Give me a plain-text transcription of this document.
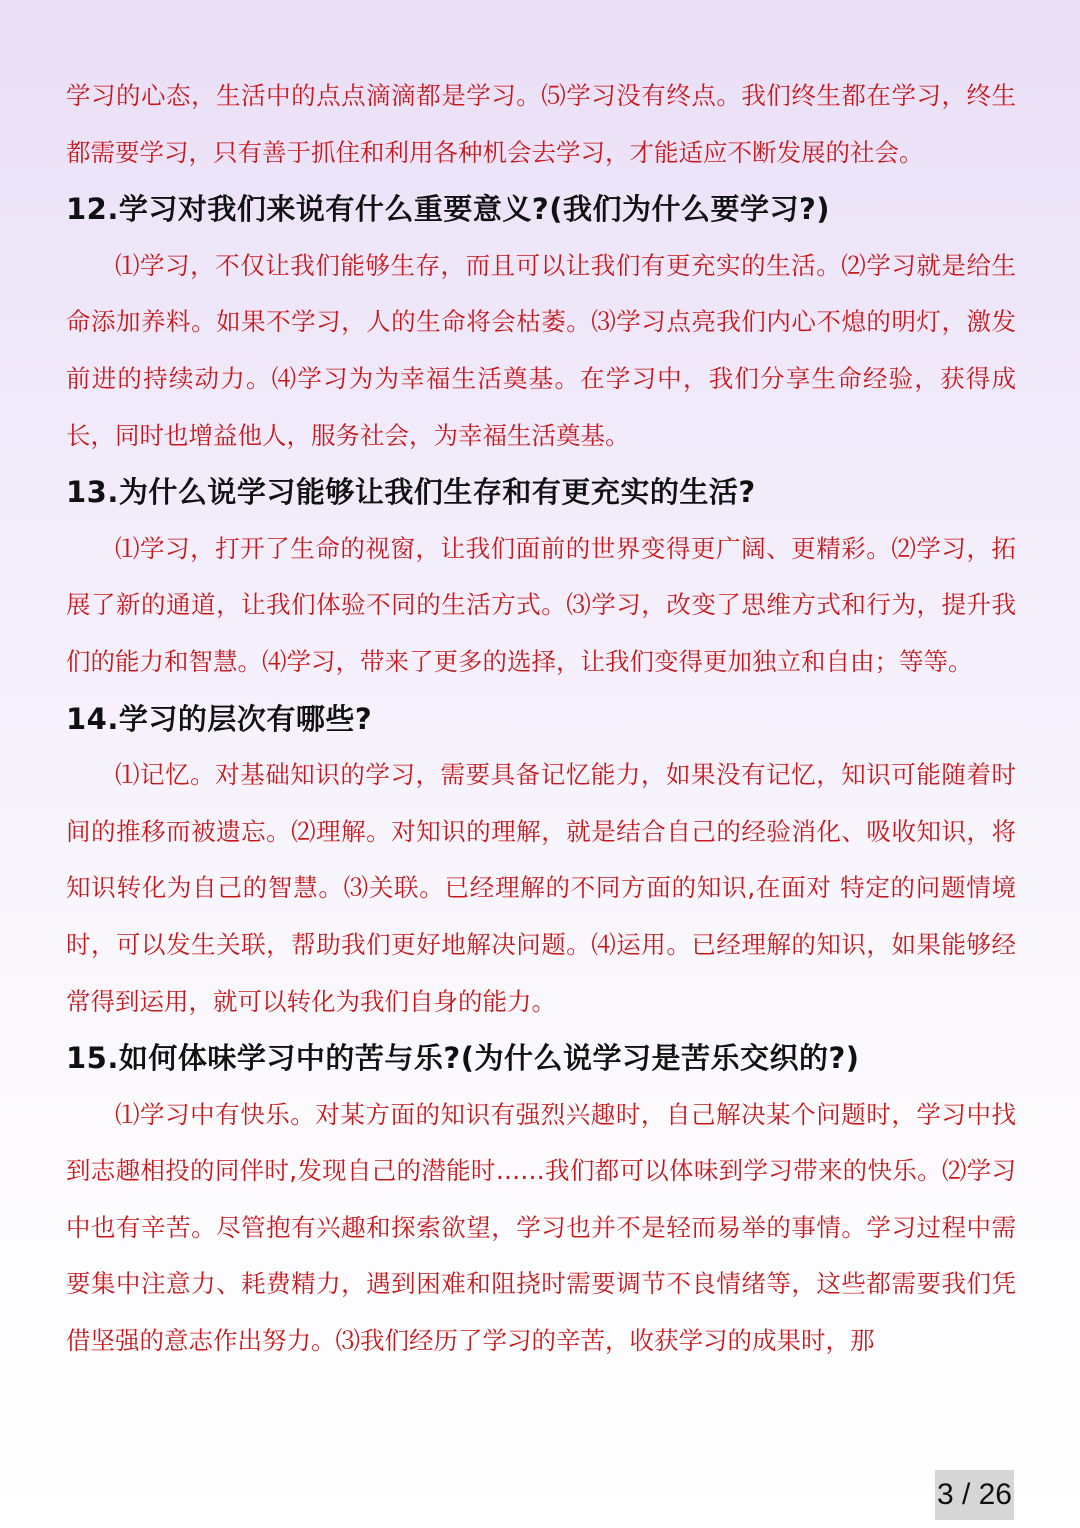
学习的心态，生活中的点点滴滴都是学习。⑸学习没有终点。我们终生都在学习，终生都需要学习，只有善于抓住和利用各种机会去学习，才能适应不断发展的社会。

12.学习对我们来说有什么重要意义?(我们为什么要学习?)

⑴学习，不仅让我们能够生存，而且可以让我们有更充实的生活。⑵学习就是给生命添加养料。如果不学习，人的生命将会枯萎。⑶学习点亮我们内心不熄的明灯，激发前进的持续动力。⑷学习为为幸福生活奠基。在学习中，我们分享生命经验，获得成长，同时也增益他人，服务社会，为幸福生活奠基。

13.为什么说学习能够让我们生存和有更充实的生活?

⑴学习，打开了生命的视窗，让我们面前的世界变得更广阔、更精彩。⑵学习，拓展了新的通道，让我们体验不同的生活方式。⑶学习，改变了思维方式和行为，提升我们的能力和智慧。⑷学习，带来了更多的选择，让我们变得更加独立和自由；等等。

14.学习的层次有哪些?

⑴记忆。对基础知识的学习，需要具备记忆能力，如果没有记忆，知识可能随着时间的推移而被遗忘。⑵理解。对知识的理解，就是结合自己的经验消化、吸收知识，将知识转化为自己的智慧。⑶关联。已经理解的不同方面的知识,在面对 特定的问题情境时，可以发生关联，帮助我们更好地解决问题。⑷运用。已经理解的知识，如果能够经常得到运用，就可以转化为我们自身的能力。

15.如何体味学习中的苦与乐?(为什么说学习是苦乐交织的?)

⑴学习中有快乐。对某方面的知识有强烈兴趣时，自己解决某个问题时，学习中找到志趣相投的同伴时,发现自己的潜能时……我们都可以体味到学习带来的快乐。⑵学习中也有辛苦。尽管抱有兴趣和探索欲望，学习也并不是轻而易举的事情。学习过程中需要集中注意力、耗费精力，遇到困难和阻挠时需要调节不良情绪等，这些都需要我们凭借坚强的意志作出努力。⑶我们经历了学习的辛苦，收获学习的成果时，那

3 / 26
